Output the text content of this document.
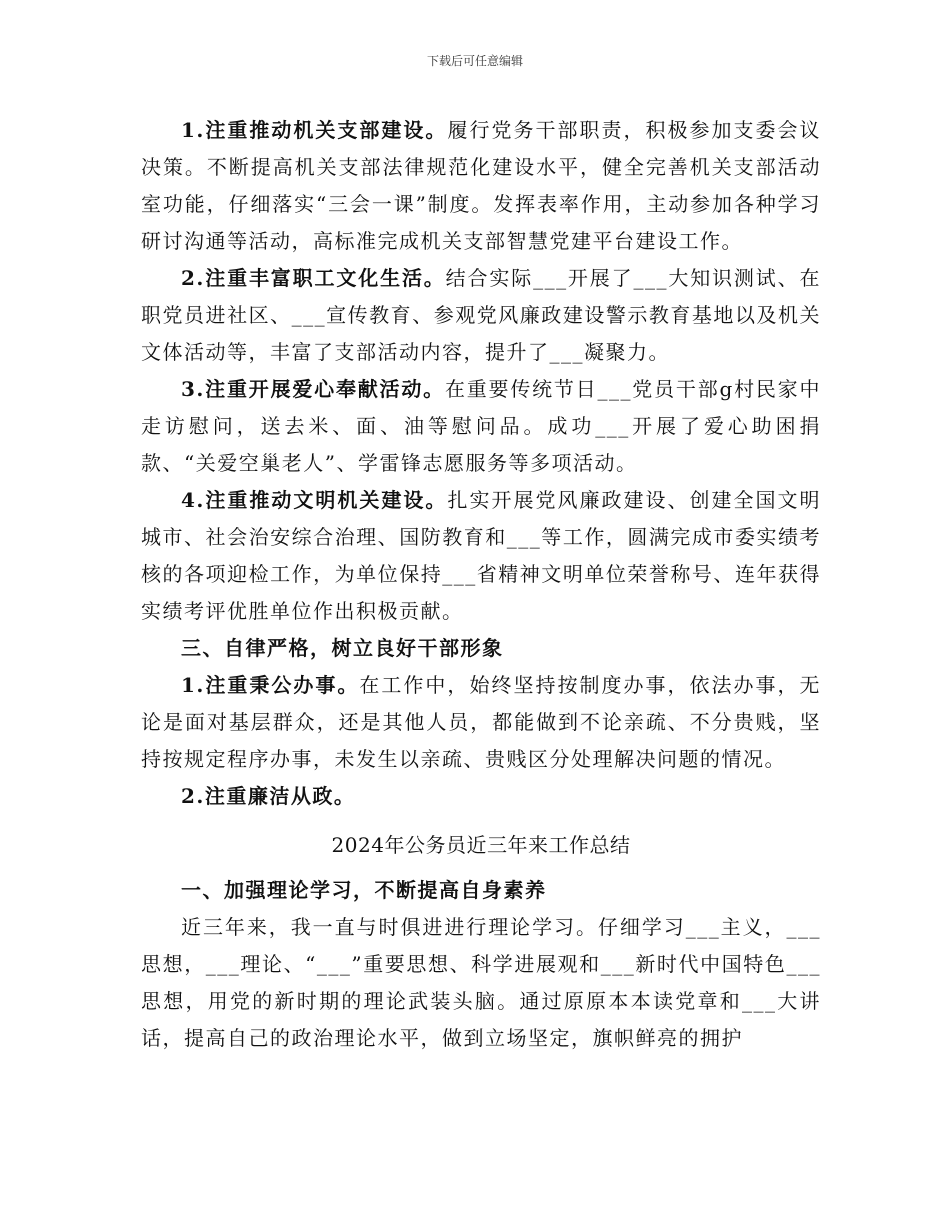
下载后可任意编辑

1.注重推动机关支部建设。履行党务干部职责，积极参加支委会议决策。不断提高机关支部法律规范化建设水平，健全完善机关支部活动室功能，仔细落实“三会一课”制度。发挥表率作用，主动参加各种学习研讨沟通等活动，高标准完成机关支部智慧党建平台建设工作。

2.注重丰富职工文化生活。结合实际___开展了___大知识测试、在职党员进社区、___宣传教育、参观党风廉政建设警示教育基地以及机关文体活动等，丰富了支部活动内容，提升了___凝聚力。

3.注重开展爱心奉献活动。在重要传统节日___党员干部g村民家中走访慰问，送去米、面、油等慰问品。成功___开展了爱心助困捐款、“关爱空巢老人”、学雷锋志愿服务等多项活动。

4.注重推动文明机关建设。扎实开展党风廉政建设、创建全国文明城市、社会治安综合治理、国防教育和___等工作，圆满完成市委实绩考核的各项迎检工作，为单位保持___省精神文明单位荣誉称号、连年获得实绩考评优胜单位作出积极贡献。

三、自律严格，树立良好干部形象

1.注重秉公办事。在工作中，始终坚持按制度办事，依法办事，无论是面对基层群众，还是其他人员，都能做到不论亲疏、不分贵贱，坚持按规定程序办事，未发生以亲疏、贵贱区分处理解决问题的情况。

2.注重廉洁从政。

2024年公务员近三年来工作总结

一、加强理论学习，不断提高自身素养

近三年来，我一直与时俱进进行理论学习。仔细学习___主义，___思想，___理论、“___”重要思想、科学进展观和___新时代中国特色___思想，用党的新时期的理论武装头脑。通过原原本本读党章和___大讲话，提高自己的政治理论水平，做到立场坚定，旗帜鲜亮的拥护
